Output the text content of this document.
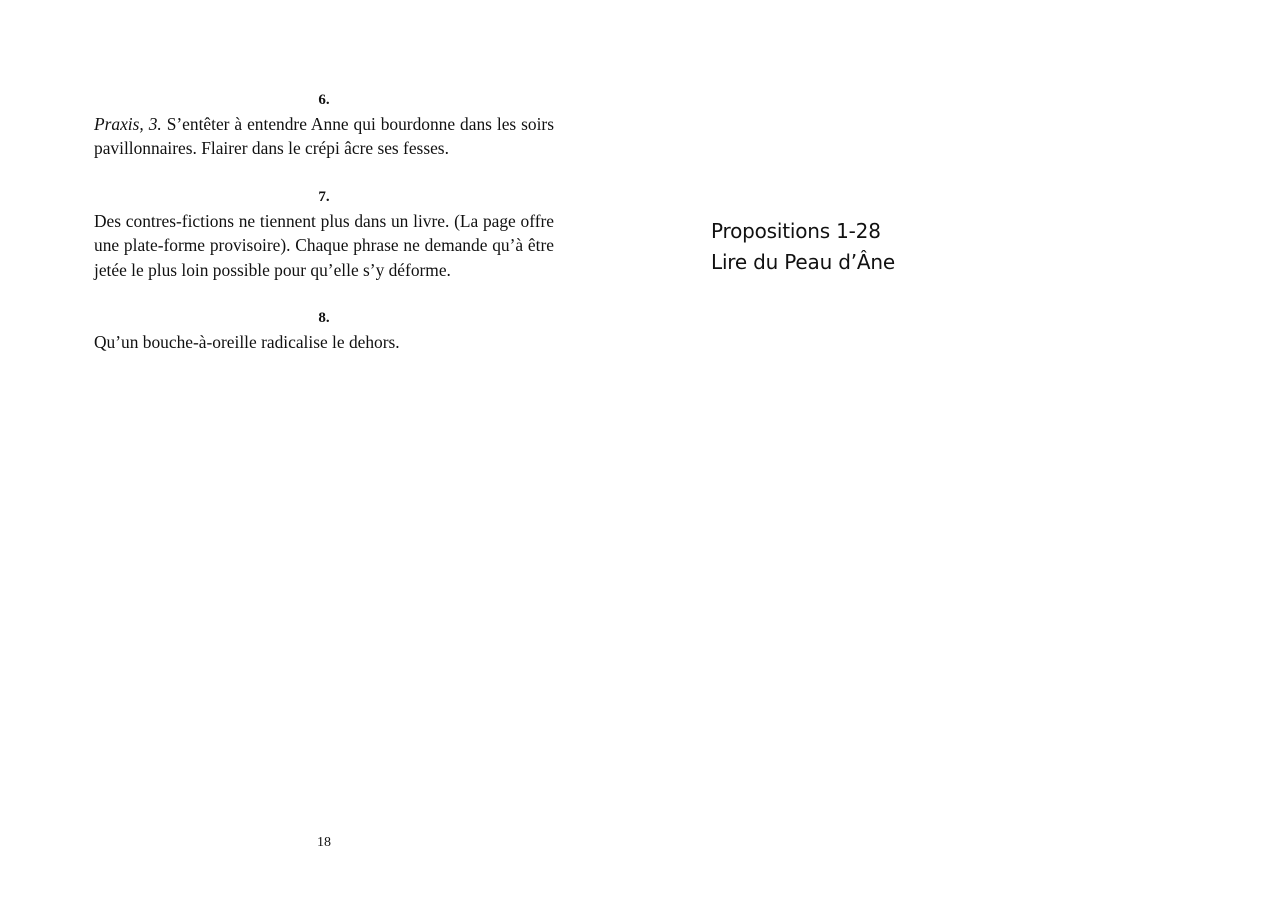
6.

Praxis, 3. S’entêter à entendre Anne qui bourdonne dans les soirs pavillonnaires. Flairer dans le crépi âcre ses fesses.

7.

Des contres-fictions ne tiennent plus dans un livre. (La page offre une plate-forme provisoire). Chaque phrase ne demande qu’à être jetée le plus loin possible pour qu’elle s’y déforme.

8.

Qu’un bouche-à-oreille radicalise le dehors.

18
Propositions 1-28
Lire du Peau d’Âne
